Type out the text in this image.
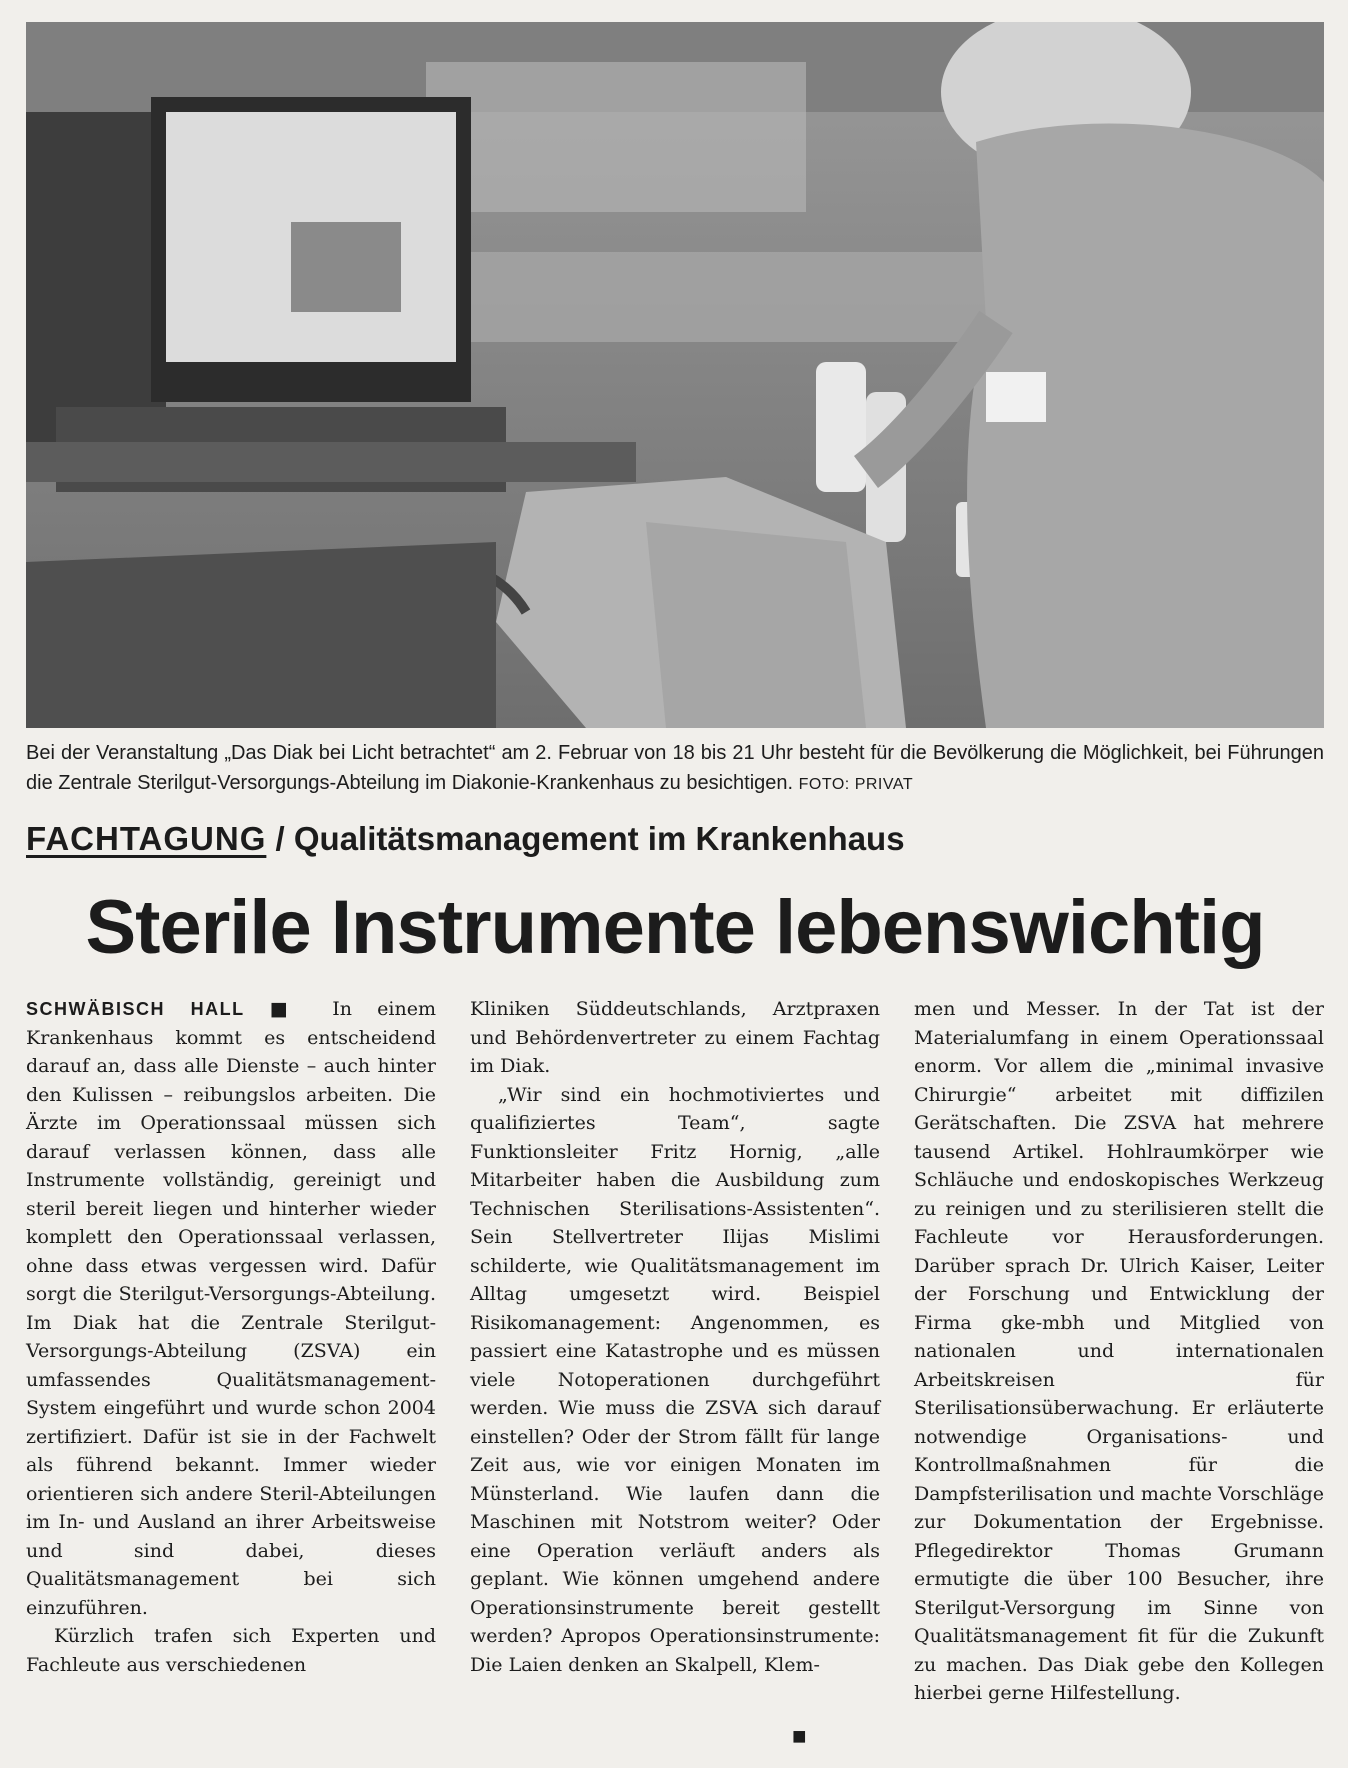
Bei der Veranstaltung „Das Diak bei Licht betrachtet“ am 2. Februar von 18 bis 21 Uhr besteht für die Bevölkerung die Möglichkeit, bei Führungen die Zentrale Sterilgut-Versorgungs-Abteilung im Diakonie-Krankenhaus zu besichtigen. FOTO: PRIVAT
FACHTAGUNG / Qualitätsmanagement im Krankenhaus
Sterile Instrumente lebenswichtig

SCHWÄBISCH HALL ■ In einem Krankenhaus kommt es entscheidend darauf an, dass alle Dienste – auch hinter den Kulissen – reibungslos arbeiten. Die Ärzte im Operationssaal müssen sich darauf verlassen können, dass alle Instrumente vollständig, gereinigt und steril bereit liegen und hinterher wieder komplett den Operationssaal verlassen, ohne dass etwas vergessen wird. Dafür sorgt die Sterilgut-Versorgungs-Abteilung. Im Diak hat die Zentrale Sterilgut-Versorgungs-Abteilung (ZSVA) ein umfassendes Qualitätsmanagement-System eingeführt und wurde schon 2004 zertifiziert. Dafür ist sie in der Fachwelt als führend bekannt. Immer wieder orientieren sich andere Steril-Abteilungen im In- und Ausland an ihrer Arbeitsweise und sind dabei, dieses Qualitätsmanagement bei sich einzuführen.

Kürzlich trafen sich Experten und Fachleute aus verschiedenen

Kliniken Süddeutschlands, Arztpraxen und Behördenvertreter zu einem Fachtag im Diak.

„Wir sind ein hochmotiviertes und qualifiziertes Team“, sagte Funktionsleiter Fritz Hornig, „alle Mitarbeiter haben die Ausbildung zum Technischen Sterilisations-Assistenten“. Sein Stellvertreter Ilijas Mislimi schilderte, wie Qualitätsmanagement im Alltag umgesetzt wird. Beispiel Risikomanagement: Angenommen, es passiert eine Katastrophe und es müssen viele Notoperationen durchgeführt werden. Wie muss die ZSVA sich darauf einstellen? Oder der Strom fällt für lange Zeit aus, wie vor einigen Monaten im Münsterland. Wie laufen dann die Maschinen mit Notstrom weiter? Oder eine Operation verläuft anders als geplant. Wie können umgehend andere Operationsinstrumente bereit gestellt werden? Apropos Operationsinstrumente: Die Laien denken an Skalpell, Klem-

men und Messer. In der Tat ist der Materialumfang in einem Operationssaal enorm. Vor allem die „minimal invasive Chirurgie“ arbeitet mit diffizilen Gerätschaften. Die ZSVA hat mehrere tausend Artikel. Hohlraumkörper wie Schläuche und endoskopisches Werkzeug zu reinigen und zu sterilisieren stellt die Fachleute vor Herausforderungen. Darüber sprach Dr. Ulrich Kaiser, Leiter der Forschung und Entwicklung der Firma gke-mbh und Mitglied von nationalen und internationalen Arbeitskreisen für Sterilisationsüberwachung. Er erläuterte notwendige Organisations- und Kontrollmaßnahmen für die Dampfsterilisation und machte Vorschläge zur Dokumentation der Ergebnisse. Pflegedirektor Thomas Grumann ermutigte die über 100 Besucher, ihre Sterilgut-Versorgung im Sinne von Qualitätsmanagement fit für die Zukunft zu machen. Das Diak gebe den Kollegen hierbei gerne Hilfestellung.

■
